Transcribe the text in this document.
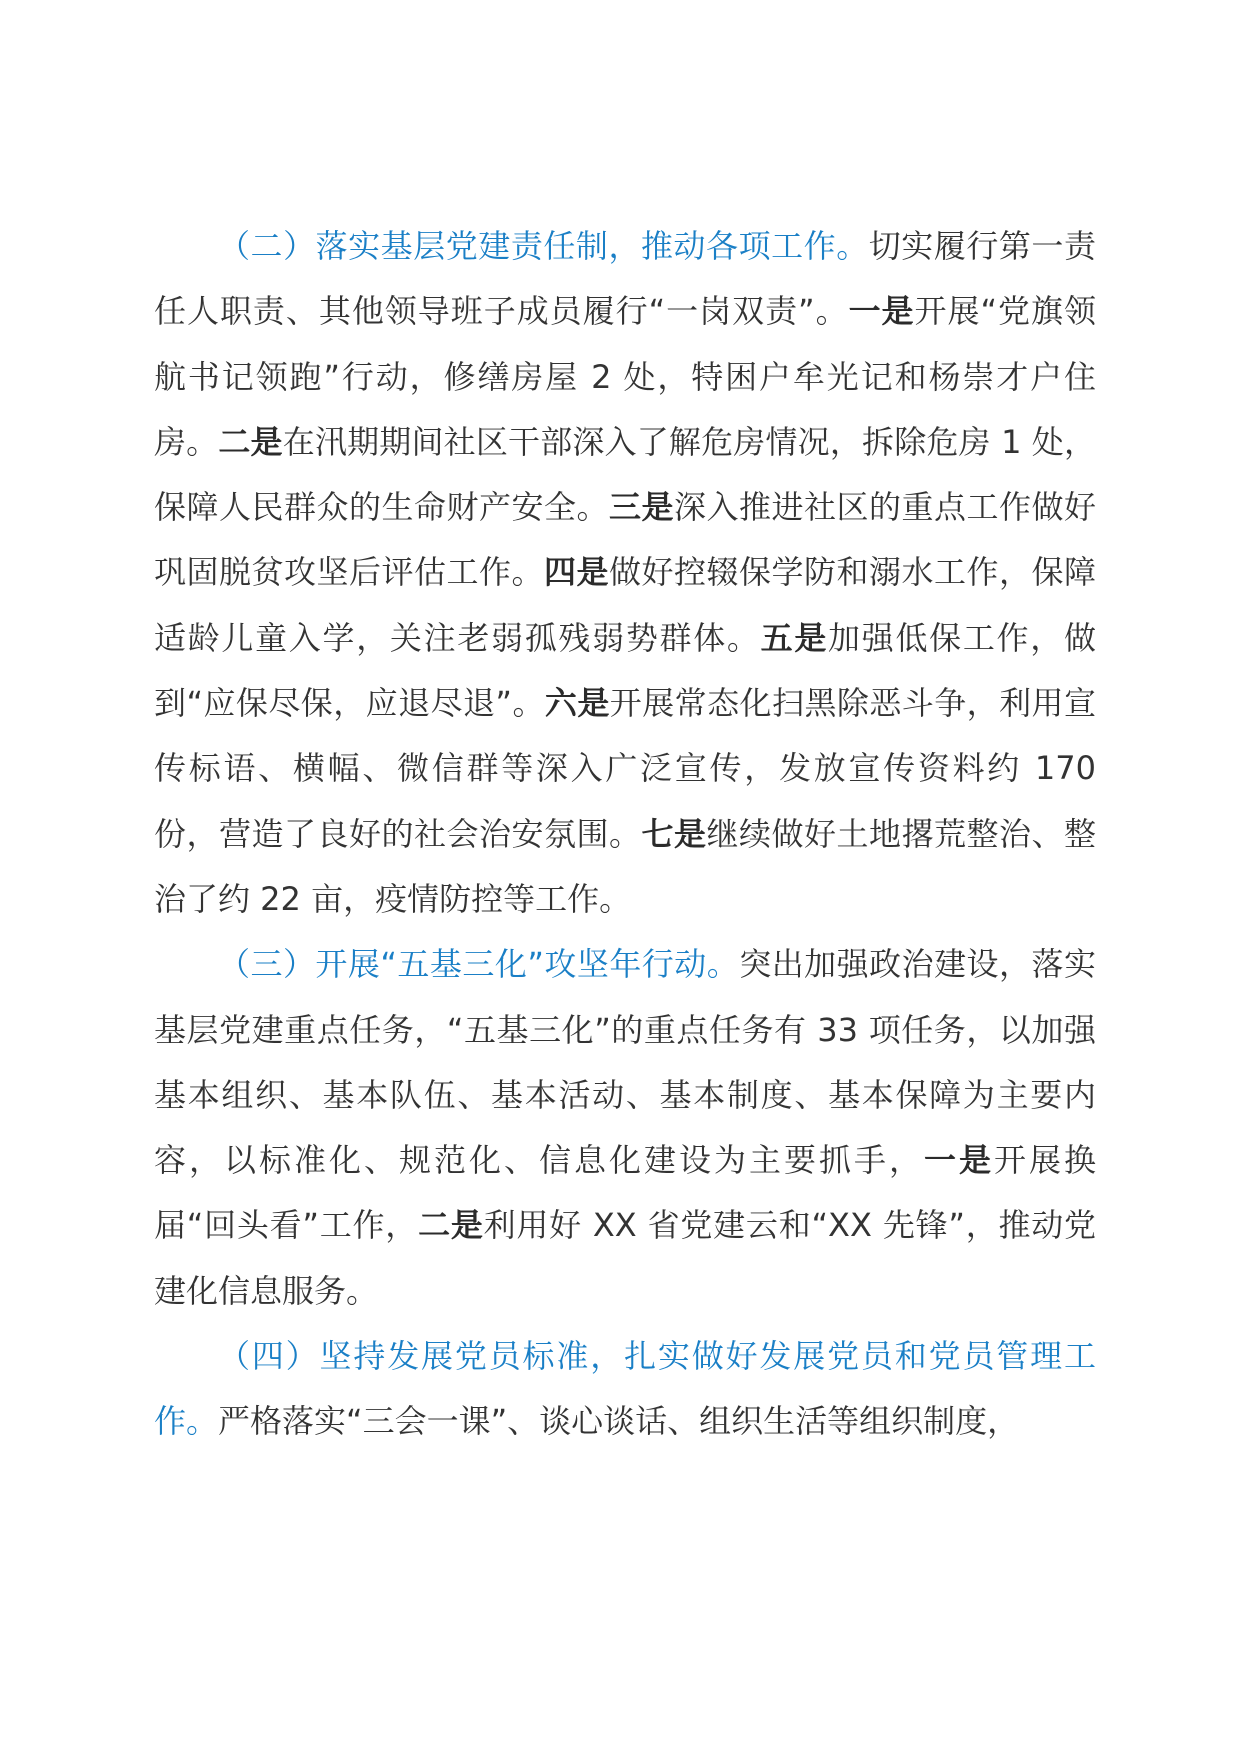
（二）落实基层党建责任制，推动各项工作。切实履行第一责任人职责、其他领导班子成员履行“一岗双责”。一是开展“党旗领航书记领跑”行动，修缮房屋 2 处，特困户牟光记和杨崇才户住房。二是在汛期期间社区干部深入了解危房情况，拆除危房 1 处，保障人民群众的生命财产安全。三是深入推进社区的重点工作做好巩固脱贫攻坚后评估工作。四是做好控辍保学防和溺水工作，保障适龄儿童入学，关注老弱孤残弱势群体。五是加强低保工作，做到“应保尽保，应退尽退”。六是开展常态化扫黑除恶斗争，利用宣传标语、横幅、微信群等深入广泛宣传，发放宣传资料约 170 份，营造了良好的社会治安氛围。七是继续做好土地撂荒整治、整治了约 22 亩，疫情防控等工作。

（三）开展“五基三化”攻坚年行动。突出加强政治建设，落实基层党建重点任务，“五基三化”的重点任务有 33 项任务，以加强基本组织、基本队伍、基本活动、基本制度、基本保障为主要内容，以标准化、规范化、信息化建设为主要抓手，一是开展换届“回头看”工作，二是利用好 XX 省党建云和“XX 先锋”，推动党建化信息服务。

（四）坚持发展党员标准，扎实做好发展党员和党员管理工作。严格落实“三会一课”、谈心谈话、组织生活等组织制度，
